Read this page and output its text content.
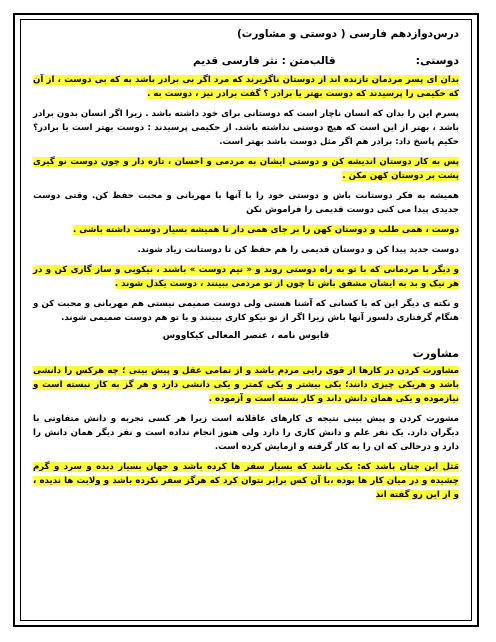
درس‌دوازدهم فارسی ( دوستی و مشاورت)
دوستی:
قالب‌متن : نثر فارسی قدیم

بدان ای پسر مردمان تا‌زنده اند از دوستان ناگزیرند که مرد اگر بی برادر باشد به که بی دوست ، از آن که حکیمی را پرسیدند که دوست بهتر یا برادر ؟ گفت برادر نیز ، دوست به .

پسرم این را بدان که انسان ناچار است که دوستانی برای خود داشته باشد . زیرا اگر انسان بدون برادر باشد ، بهتر از این است که هیچ دوستی نداشته باشد. از حکیمی پرسیدند : دوست بهتر است یا برادر؟ حکیم پاسخ داد: برادر هم اگر مثل دوست باشد بهتر است.

پس به کار دوستان اندیشه کن و دوستی ایشان به مردمی و احسان ، تازه دار و چون دوست نو گیری پشت بر دوستان کهن مکن .

همیشه به فکر دوستانت باش و دوستی خود را با آنها با مهربانی و محبت حفظ کن. وقتی دوست جدیدی پیدا می کنی دوست قدیمی را فراموش نکن

دوست ، همی طلب و دوستان کهن را بر جای همی دار تا همیشه بسیار دوست داشته باشی .

دوست جدید پیدا کن و دوستان قدیمی را هم حفظ کن تا دوستانت زیاد شوند.

و دیگر با مردمانی که با تو به راه دوستی روند و « نیم دوست » باشند ، نیکویی و ساز گاری کن و در هر نیک و بد به ایشان مشفق باش تا چون از تو مردمی ببینند ، دوست یکدل شوند .

و نکته ی دیگر این که با کسانی که آشنا هستی ولی دوست صمیمی نیستی هم مهربانی و محبت کن و هنگام گرفتاری دلسوز آنها باش زیرا اگر از تو نیکو کاری ببینند و با تو هم دوست صمیمی شوند.

قابوس نامه ، عنصر المعالی کیکاووس
مشاورت

مشاورت کردن در کارها از قوی رایی مردم باشد و از تمامی عقل و پیش بینی ؛ چه هرکس را دانشی باشد و هریکی چیزی دانند؛ یکی بیشتر و یکی کمتر و یکی دانشی دارد و هر گز به کار نبسته است و نیازموده و یکی همان دانش داند و کار بسته است و آزموده .

مشورت کردن و پیش بینی نتیجه ی کارهای عاقلانه است زیرا هر کسی تجربه و دانش متفاوتی با دیگران دارد. یک نفر علم و دانش کاری را دارد ولی هنوز انجام نداده است و نفر دیگر همان دانش را دارد و درحالی که ان را به کار گرفته و ازمایش کرده است.

مَثل این چنان باشد که: یکی باشد که بسیار سفر ها کرده باشد و جهان بسیار دیده و سرد و گرم چشیده و در میان کار ها بوده ،با آن کس برابر نتوان کرد که هرگز سفر نکرده باشد و ولایت ها ندیده ، و از این رو گفته اند
